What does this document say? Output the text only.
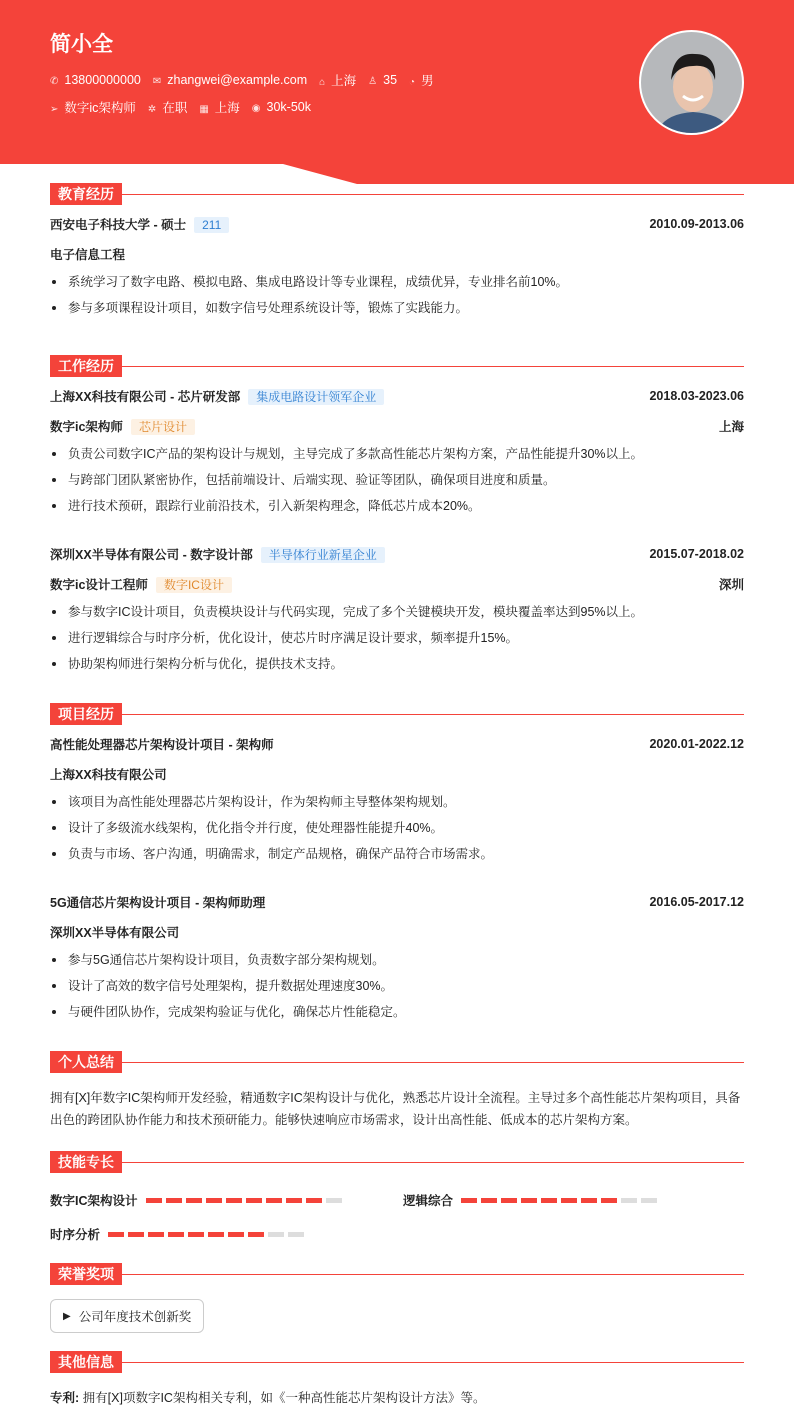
简小全
✆ 13800000000 ✉ zhangwei@example.com ⌂ 上海 ♙ 35 ◔ 男
➢ 数字ic架构师 ✲ 在职 ▦ 上海 ◉ 30k-50k
教育经历
西安电子科技大学 - 硕士 211	2010.09-2013.06
电子信息工程
系统学习了数字电路、模拟电路、集成电路设计等专业课程，成绩优异，专业排名前10%。
参与多项课程设计项目，如数字信号处理系统设计等，锻炼了实践能力。
工作经历
上海XX科技有限公司 - 芯片研发部 集成电路设计领军企业	2018.03-2023.06
数字ic架构师 芯片设计	上海
负责公司数字IC产品的架构设计与规划，主导完成了多款高性能芯片架构方案，产品性能提升30%以上。
与跨部门团队紧密协作，包括前端设计、后端实现、验证等团队，确保项目进度和质量。
进行技术预研，跟踪行业前沿技术，引入新架构理念，降低芯片成本20%。
深圳XX半导体有限公司 - 数字设计部 半导体行业新星企业	2015.07-2018.02
数字ic设计工程师 数字IC设计	深圳
参与数字IC设计项目，负责模块设计与代码实现，完成了多个关键模块开发，模块覆盖率达到95%以上。
进行逻辑综合与时序分析，优化设计，使芯片时序满足设计要求，频率提升15%。
协助架构师进行架构分析与优化，提供技术支持。
项目经历
高性能处理器芯片架构设计项目 - 架构师	2020.01-2022.12
上海XX科技有限公司
该项目为高性能处理器芯片架构设计，作为架构师主导整体架构规划。
设计了多级流水线架构，优化指令并行度，使处理器性能提升40%。
负责与市场、客户沟通，明确需求，制定产品规格，确保产品符合市场需求。
5G通信芯片架构设计项目 - 架构师助理	2016.05-2017.12
深圳XX半导体有限公司
参与5G通信芯片架构设计项目，负责数字部分架构规划。
设计了高效的数字信号处理架构，提升数据处理速度30%。
与硬件团队协作，完成架构验证与优化，确保芯片性能稳定。
个人总结
拥有[X]年数字IC架构师开发经验，精通数字IC架构设计与优化，熟悉芯片设计全流程。主导过多个高性能芯片架构项目，具备出色的跨团队协作能力和技术预研能力。能够快速响应市场需求，设计出高性能、低成本的芯片架构方案。
技能专长
数字IC架构设计	逻辑综合
时序分析
荣誉奖项
▶ 公司年度技术创新奖
其他信息
专利: 拥有[X]项数字IC架构相关专利，如《一种高性能芯片架构设计方法》等。
